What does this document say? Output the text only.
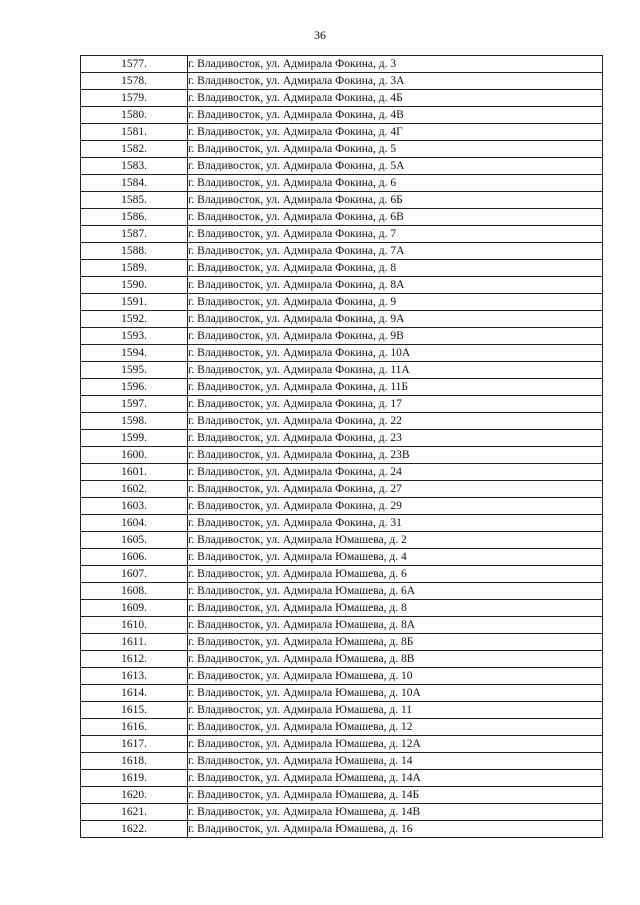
36
1577.	г. Владивосток, ул. Адмирала Фокина, д. 3
1578.	г. Владивосток, ул. Адмирала Фокина, д. 3А
1579.	г. Владивосток, ул. Адмирала Фокина, д. 4Б
1580.	г. Владивосток, ул. Адмирала Фокина, д. 4В
1581.	г. Владивосток, ул. Адмирала Фокина, д. 4Г
1582.	г. Владивосток, ул. Адмирала Фокина, д. 5
1583.	г. Владивосток, ул. Адмирала Фокина, д. 5А
1584.	г. Владивосток, ул. Адмирала Фокина, д. 6
1585.	г. Владивосток, ул. Адмирала Фокина, д. 6Б
1586.	г. Владивосток, ул. Адмирала Фокина, д. 6В
1587.	г. Владивосток, ул. Адмирала Фокина, д. 7
1588.	г. Владивосток, ул. Адмирала Фокина, д. 7А
1589.	г. Владивосток, ул. Адмирала Фокина, д. 8
1590.	г. Владивосток, ул. Адмирала Фокина, д. 8А
1591.	г. Владивосток, ул. Адмирала Фокина, д. 9
1592.	г. Владивосток, ул. Адмирала Фокина, д. 9А
1593.	г. Владивосток, ул. Адмирала Фокина, д. 9В
1594.	г. Владивосток, ул. Адмирала Фокина, д. 10А
1595.	г. Владивосток, ул. Адмирала Фокина, д. 11А
1596.	г. Владивосток, ул. Адмирала Фокина, д. 11Б
1597.	г. Владивосток, ул. Адмирала Фокина, д. 17
1598.	г. Владивосток, ул. Адмирала Фокина, д. 22
1599.	г. Владивосток, ул. Адмирала Фокина, д. 23
1600.	г. Владивосток, ул. Адмирала Фокина, д. 23В
1601.	г. Владивосток, ул. Адмирала Фокина, д. 24
1602.	г. Владивосток, ул. Адмирала Фокина, д. 27
1603.	г. Владивосток, ул. Адмирала Фокина, д. 29
1604.	г. Владивосток, ул. Адмирала Фокина, д. 31
1605.	г. Владивосток, ул. Адмирала Юмашева, д. 2
1606.	г. Владивосток, ул. Адмирала Юмашева, д. 4
1607.	г. Владивосток, ул. Адмирала Юмашева, д. 6
1608.	г. Владивосток, ул. Адмирала Юмашева, д. 6А
1609.	г. Владивосток, ул. Адмирала Юмашева, д. 8
1610.	г. Владивосток, ул. Адмирала Юмашева, д. 8А
1611.	г. Владивосток, ул. Адмирала Юмашева, д. 8Б
1612.	г. Владивосток, ул. Адмирала Юмашева, д. 8В
1613.	г. Владивосток, ул. Адмирала Юмашева, д. 10
1614.	г. Владивосток, ул. Адмирала Юмашева, д. 10А
1615.	г. Владивосток, ул. Адмирала Юмашева, д. 11
1616.	г. Владивосток, ул. Адмирала Юмашева, д. 12
1617.	г. Владивосток, ул. Адмирала Юмашева, д. 12А
1618.	г. Владивосток, ул. Адмирала Юмашева, д. 14
1619.	г. Владивосток, ул. Адмирала Юмашева, д. 14А
1620.	г. Владивосток, ул. Адмирала Юмашева, д. 14Б
1621.	г. Владивосток, ул. Адмирала Юмашева, д. 14В
1622.	г. Владивосток, ул. Адмирала Юмашева, д. 16
